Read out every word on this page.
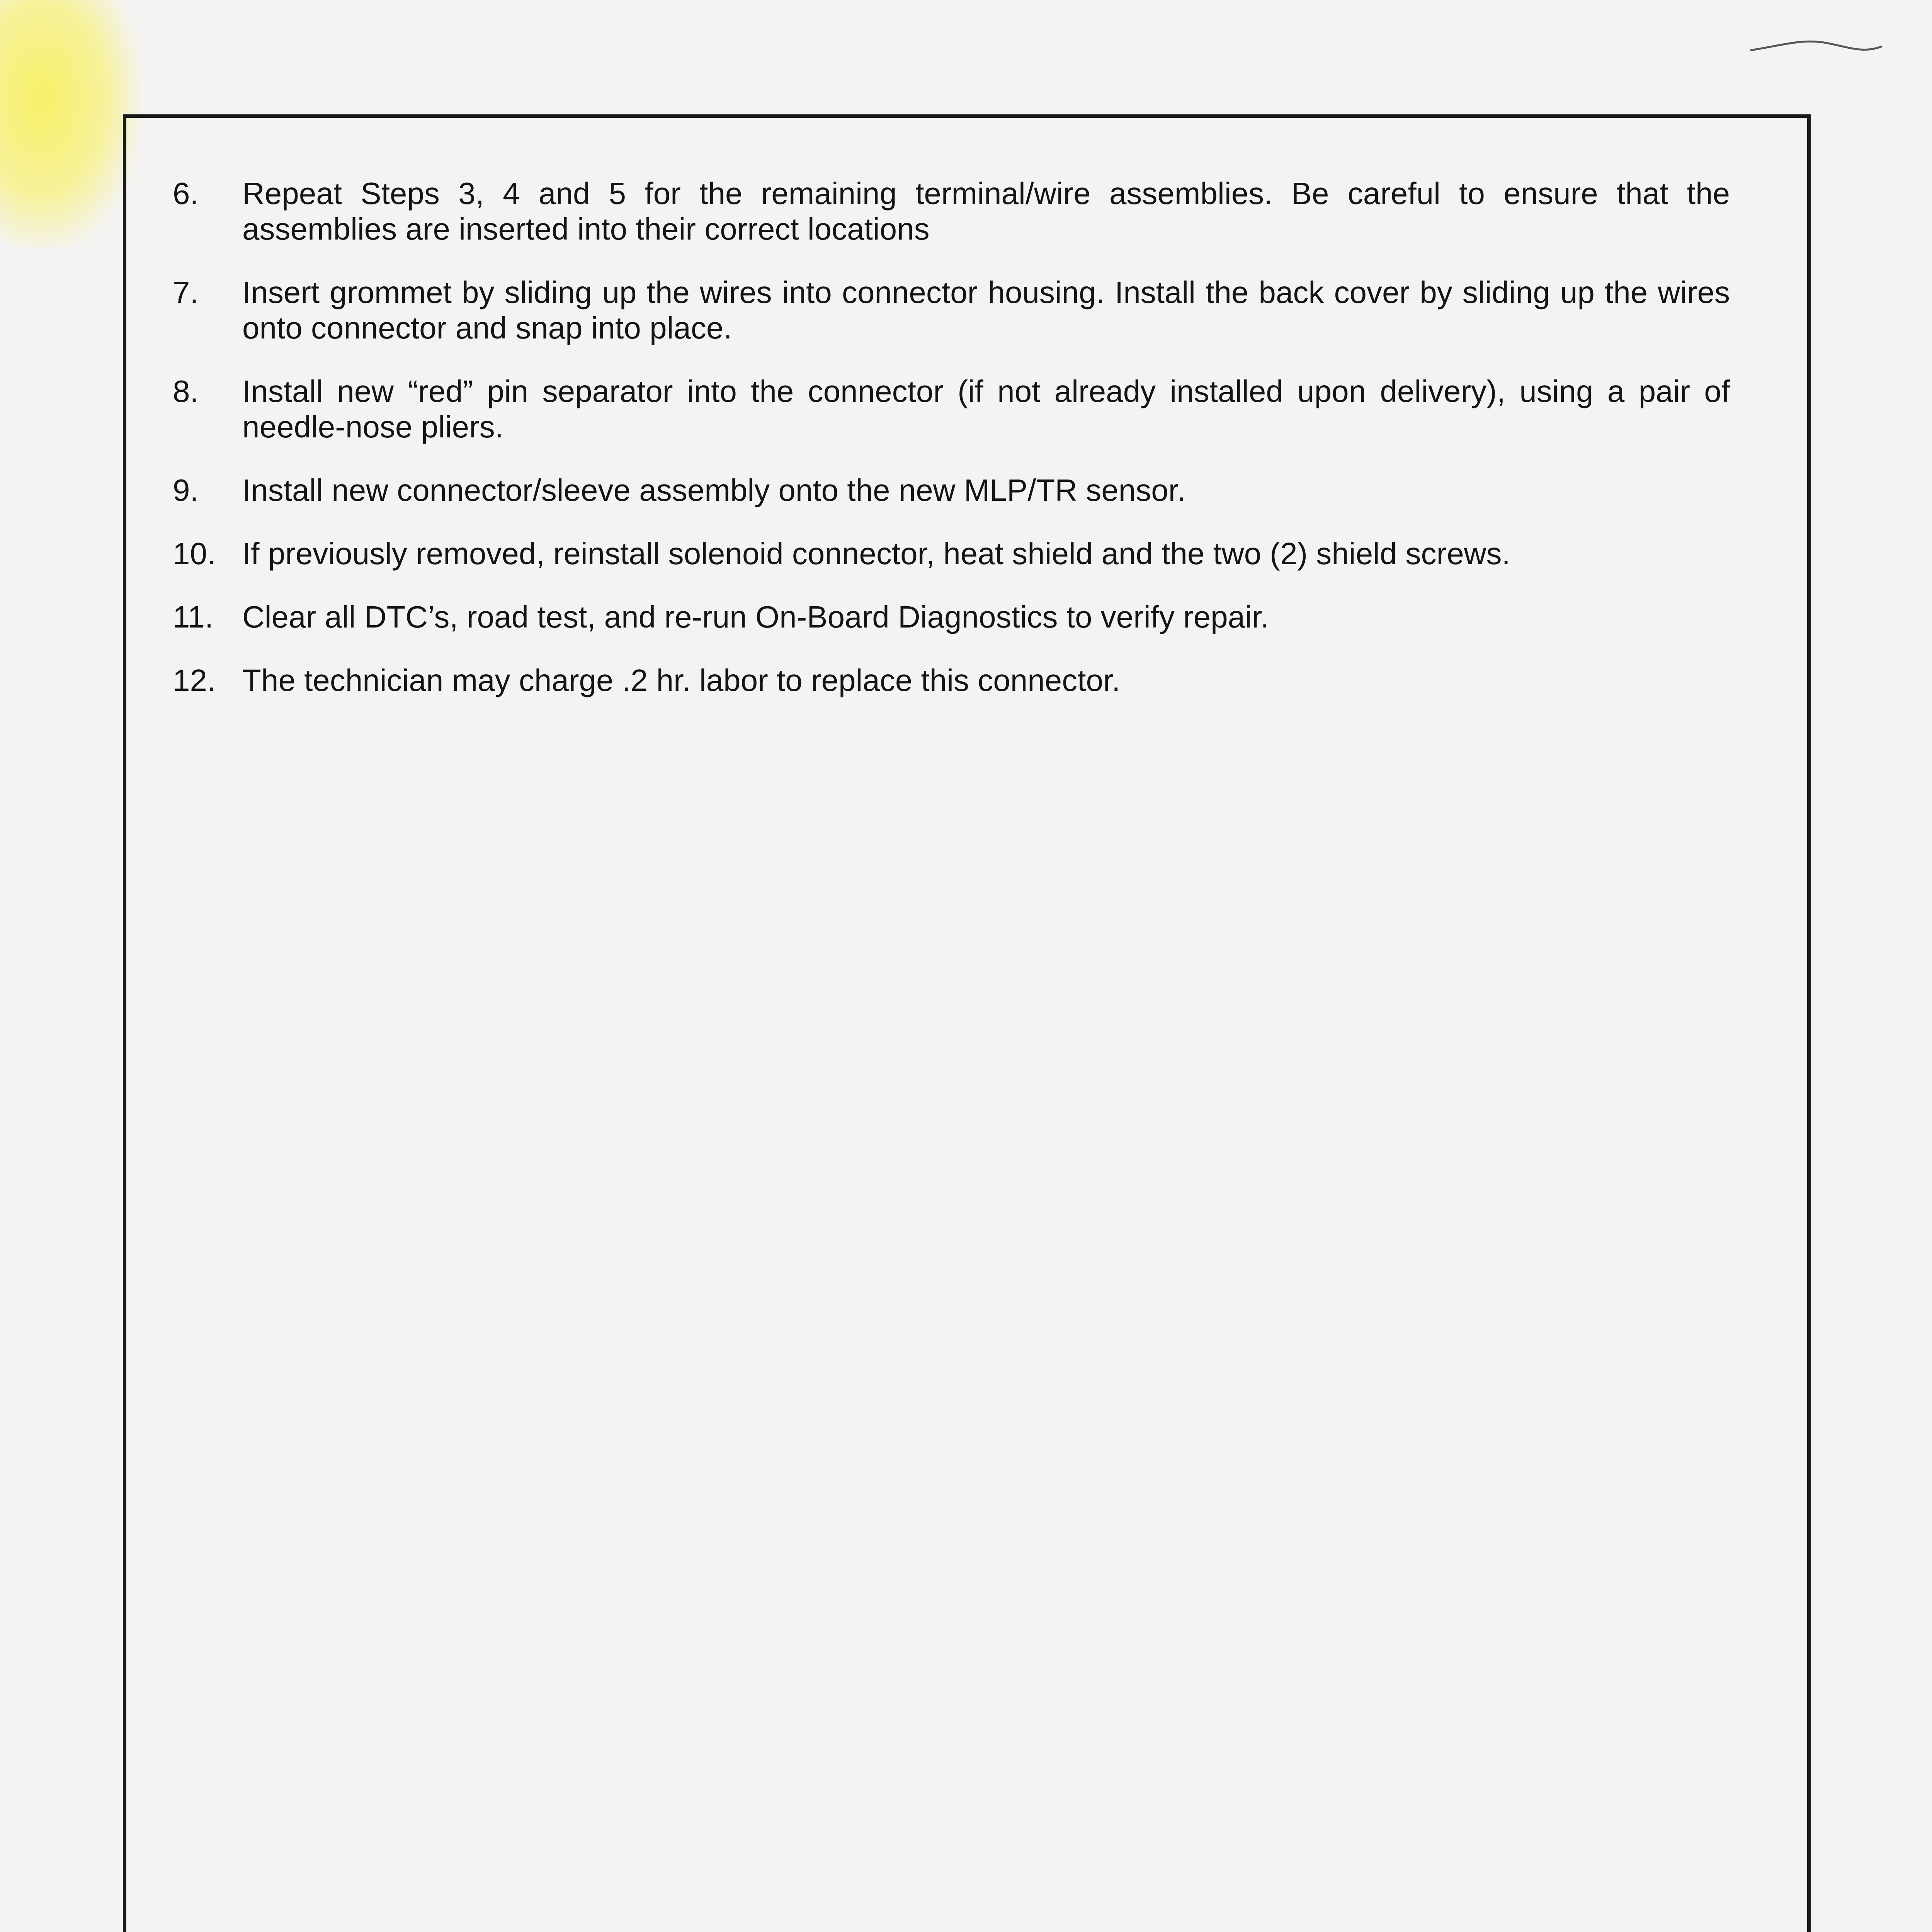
6.	Repeat Steps 3, 4 and 5 for the remaining terminal/wire assemblies. Be careful to ensure that the assemblies are inserted into their correct locations
7.	Insert grommet by sliding up the wires into connector housing. Install the back cover by sliding up the wires onto connector and snap into place.
8.	Install new “red” pin separator into the connector (if not already installed upon delivery), using a pair of needle-nose pliers.
9.	Install new connector/sleeve assembly onto the new MLP/TR sensor.
10. If previously removed, reinstall solenoid connector, heat shield and the two (2) shield screws.
11. Clear all DTC’s, road test, and re-run On-Board Diagnostics to verify repair.
12. The technician may charge .2 hr. labor to replace this connector.
